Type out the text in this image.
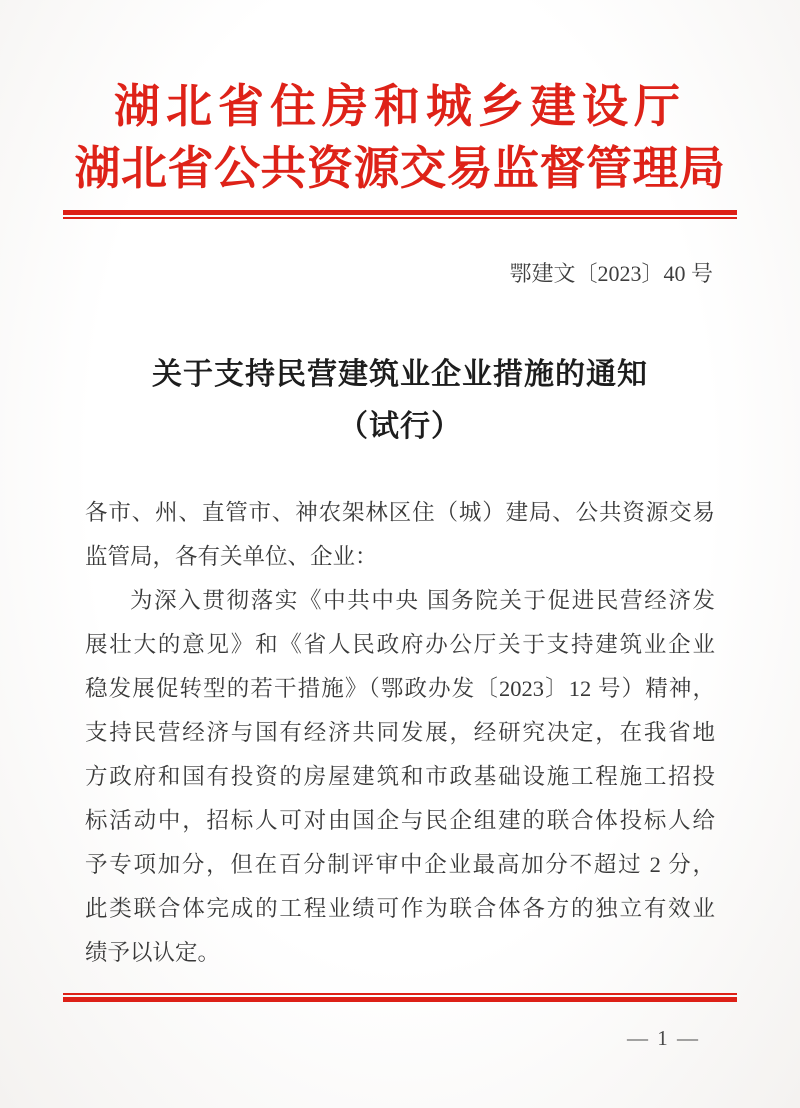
湖北省住房和城乡建设厅
湖北省公共资源交易监督管理局
鄂建文〔2023〕40 号
关于支持民营建筑业企业措施的通知
（试行）
各市、州、直管市、神农架林区住（城）建局、公共资源交易
监管局，各有关单位、企业：
为深入贯彻落实《中共中央 国务院关于促进民营经济发
展壮大的意见》和《省人民政府办公厅关于支持建筑业企业
稳发展促转型的若干措施》（鄂政办发〔2023〕12 号）精神，
支持民营经济与国有经济共同发展，经研究决定，在我省地
方政府和国有投资的房屋建筑和市政基础设施工程施工招投
标活动中，招标人可对由国企与民企组建的联合体投标人给
予专项加分，但在百分制评审中企业最高加分不超过 2 分，
此类联合体完成的工程业绩可作为联合体各方的独立有效业
绩予以认定。
— 1 —
